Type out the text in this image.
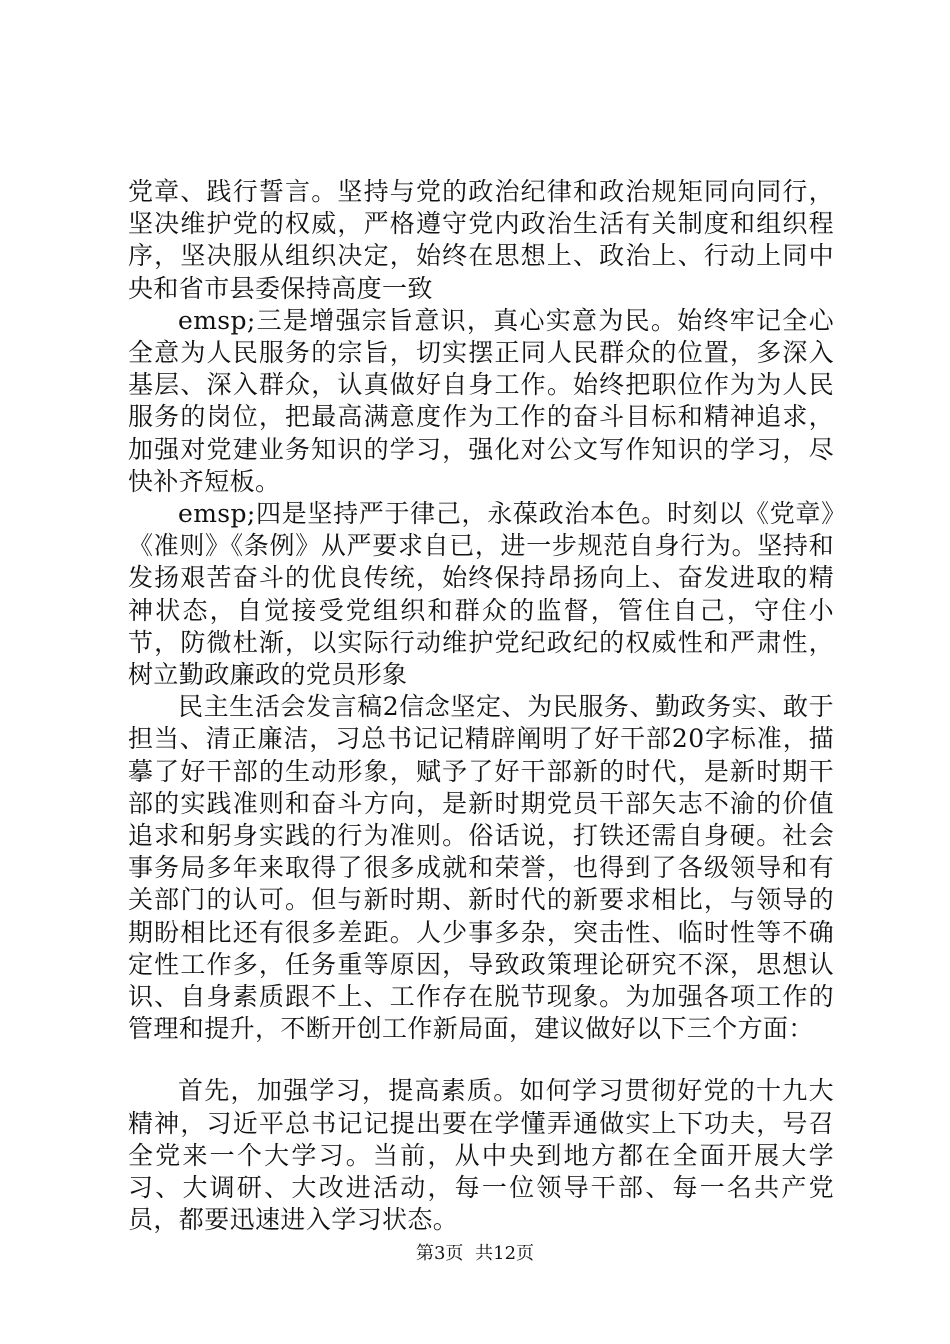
党章、践行誓言。坚持与党的政治纪律和政治规矩同向同行，坚决维护党的权威，严格遵守党内政治生活有关制度和组织程序，坚决服从组织决定，始终在思想上、政治上、行动上同中央和省市县委保持高度一致

emsp;三是增强宗旨意识，真心实意为民。始终牢记全心全意为人民服务的宗旨，切实摆正同人民群众的位置，多深入基层、深入群众，认真做好自身工作。始终把职位作为为人民服务的岗位，把最高满意度作为工作的奋斗目标和精神追求，加强对党建业务知识的学习，强化对公文写作知识的学习，尽快补齐短板。

emsp;四是坚持严于律己，永葆政治本色。时刻以《党章》《准则》《条例》从严要求自已，进一步规范自身行为。坚持和发扬艰苦奋斗的优良传统，始终保持昂扬向上、奋发进取的精神状态，自觉接受党组织和群众的监督，管住自己，守住小节，防微杜渐，以实际行动维护党纪政纪的权威性和严肃性，树立勤政廉政的党员形象

民主生活会发言稿2信念坚定、为民服务、勤政务实、敢于担当、清正廉洁，习总书记记精辟阐明了好干部20字标准，描摹了好干部的生动形象，赋予了好干部新的时代，是新时期干部的实践准则和奋斗方向，是新时期党员干部矢志不渝的价值追求和躬身实践的行为准则。俗话说，打铁还需自身硬。社会事务局多年来取得了很多成就和荣誉，也得到了各级领导和有关部门的认可。但与新时期、新时代的新要求相比，与领导的期盼相比还有很多差距。人少事多杂，突击性、临时性等不确定性工作多，任务重等原因，导致政策理论研究不深，思想认识、自身素质跟不上、工作存在脱节现象。为加强各项工作的管理和提升，不断开创工作新局面，建议做好以下三个方面：

首先，加强学习，提高素质。如何学习贯彻好党的十九大精神，习近平总书记记提出要在学懂弄通做实上下功夫，号召全党来一个大学习。当前，从中央到地方都在全面开展大学习、大调研、大改进活动，每一位领导干部、每一名共产党员，都要迅速进入学习状态。

第3页 共12页
